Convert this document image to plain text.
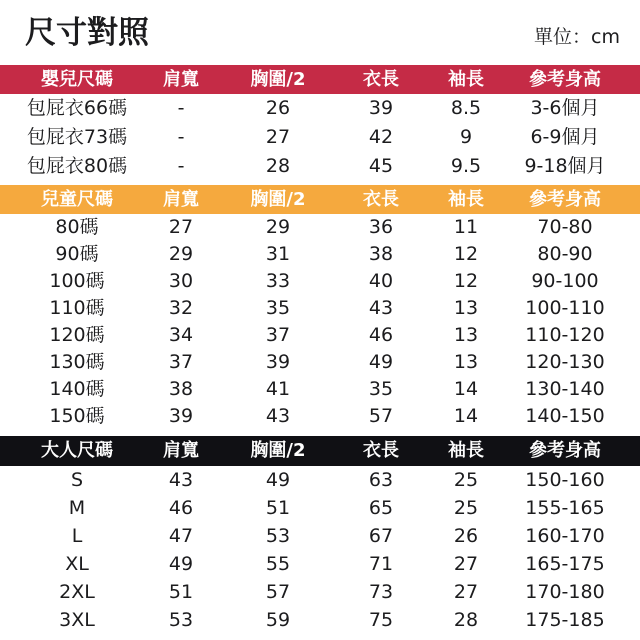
尺寸對照	單位：cm
嬰兒尺碼	肩寬	胸圍/2	衣長	袖長	參考身高
包屁衣66碼	-	26	39	8.5	3-6個月
包屁衣73碼	-	27	42	9	6-9個月
包屁衣80碼	-	28	45	9.5	9-18個月
兒童尺碼	肩寬	胸圍/2	衣長	袖長	參考身高
80碼	27	29	36	11	70-80
90碼	29	31	38	12	80-90
100碼	30	33	40	12	90-100
110碼	32	35	43	13	100-110
120碼	34	37	46	13	110-120
130碼	37	39	49	13	120-130
140碼	38	41	35	14	130-140
150碼	39	43	57	14	140-150
大人尺碼	肩寬	胸圍/2	衣長	袖長	參考身高
S	43	49	63	25	150-160
M	46	51	65	25	155-165
L	47	53	67	26	160-170
XL	49	55	71	27	165-175
2XL	51	57	73	27	170-180
3XL	53	59	75	28	175-185
